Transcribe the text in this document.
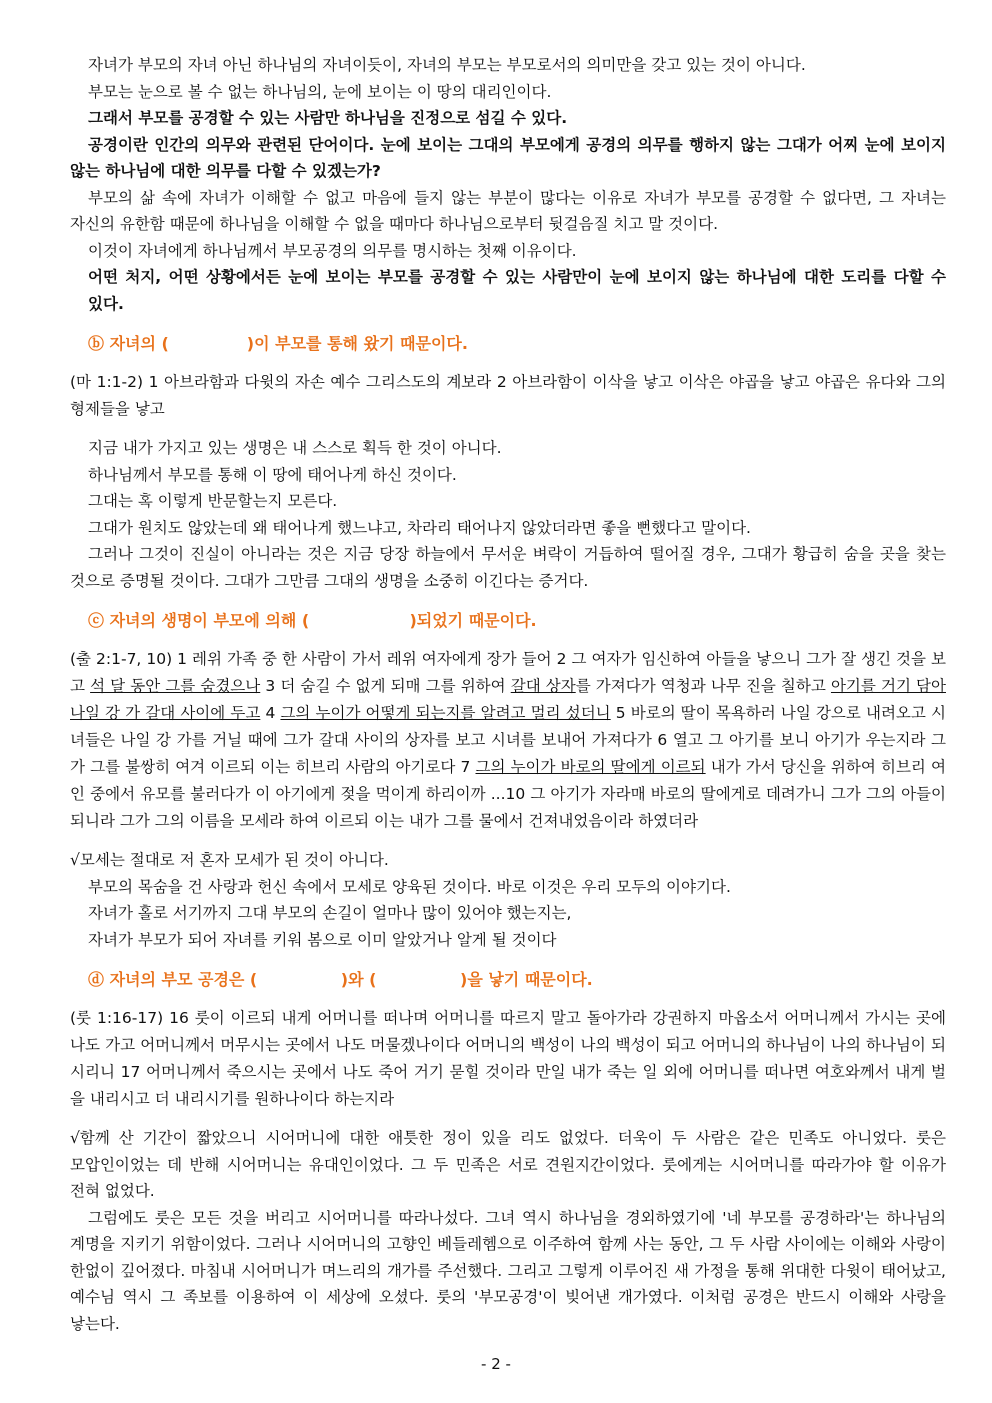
자녀가 부모의 자녀 아닌 하나님의 자녀이듯이, 자녀의 부모는 부모로서의 의미만을 갖고 있는 것이 아니다.

부모는 눈으로 볼 수 없는 하나님의, 눈에 보이는 이 땅의 대리인이다.

그래서 부모를 공경할 수 있는 사람만 하나님을 진정으로 섬길 수 있다.

공경이란 인간의 의무와 관련된 단어이다. 눈에 보이는 그대의 부모에게 공경의 의무를 행하지 않는 그대가 어찌 눈에 보이지 않는 하나님에 대한 의무를 다할 수 있겠는가?

부모의 삶 속에 자녀가 이해할 수 없고 마음에 들지 않는 부분이 많다는 이유로 자녀가 부모를 공경할 수 없다면, 그 자녀는 자신의 유한함 때문에 하나님을 이해할 수 없을 때마다 하나님으로부터 뒷걸음질 치고 말 것이다.

이것이 자녀에게 하나님께서 부모공경의 의무를 명시하는 첫째 이유이다.

어떤 처지, 어떤 상황에서든 눈에 보이는 부모를 공경할 수 있는 사람만이 눈에 보이지 않는 하나님에 대한 도리를 다할 수 있다.

ⓑ 자녀의 (              )이 부모를 통해 왔기 때문이다.

(마 1:1-2) 1 아브라함과 다윗의 자손 예수 그리스도의 계보라 2 아브라함이 이삭을 낳고 이삭은 야곱을 낳고 야곱은 유다와 그의 형제들을 낳고

지금 내가 가지고 있는 생명은 내 스스로 획득 한 것이 아니다.

하나님께서 부모를 통해 이 땅에 태어나게 하신 것이다.

그대는 혹 이렇게 반문할는지 모른다.

그대가 원치도 않았는데 왜 태어나게 했느냐고, 차라리 태어나지 않았더라면 좋을 뻔했다고 말이다.

그러나 그것이 진실이 아니라는 것은 지금 당장 하늘에서 무서운 벼락이 거듭하여 떨어질 경우, 그대가 황급히 숨을 곳을 찾는 것으로 증명될 것이다. 그대가 그만큼 그대의 생명을 소중히 이긴다는 증거다.

ⓒ 자녀의 생명이 부모에 의해 (                  )되었기 때문이다.

(출 2:1-7, 10) 1 레위 가족 중 한 사람이 가서 레위 여자에게 장가 들어 2 그 여자가 임신하여 아들을 낳으니 그가 잘 생긴 것을 보고 석 달 동안 그를 숨겼으나 3 더 숨길 수 없게 되매 그를 위하여 갈대 상자를 가져다가 역청과 나무 진을 칠하고 아기를 거기 담아 나일 강 가 갈대 사이에 두고 4 그의 누이가 어떻게 되는지를 알려고 멀리 섰더니 5 바로의 딸이 목욕하러 나일 강으로 내려오고 시녀들은 나일 강 가를 거닐 때에 그가 갈대 사이의 상자를 보고 시녀를 보내어 가져다가 6 열고 그 아기를 보니 아기가 우는지라 그가 그를 불쌍히 여겨 이르되 이는 히브리 사람의 아기로다 7 그의 누이가 바로의 딸에게 이르되 내가 가서 당신을 위하여 히브리 여인 중에서 유모를 불러다가 이 아기에게 젖을 먹이게 하리이까 ...10 그 아기가 자라매 바로의 딸에게로 데려가니 그가 그의 아들이 되니라 그가 그의 이름을 모세라 하여 이르되 이는 내가 그를 물에서 건져내었음이라 하였더라

√모세는 절대로 저 혼자 모세가 된 것이 아니다.

부모의 목숨을 건 사랑과 헌신 속에서 모세로 양육된 것이다. 바로 이것은 우리 모두의 이야기다.

자녀가 홀로 서기까지 그대 부모의 손길이 얼마나 많이 있어야 했는지는,

자녀가 부모가 되어 자녀를 키워 봄으로 이미 알았거나 알게 될 것이다

ⓓ 자녀의 부모 공경은 (               )와 (               )을 낳기 때문이다.

(룻 1:16-17) 16 룻이 이르되 내게 어머니를 떠나며 어머니를 따르지 말고 돌아가라 강권하지 마옵소서 어머니께서 가시는 곳에 나도 가고 어머니께서 머무시는 곳에서 나도 머물겠나이다 어머니의 백성이 나의 백성이 되고 어머니의 하나님이 나의 하나님이 되시리니 17 어머니께서 죽으시는 곳에서 나도 죽어 거기 묻힐 것이라 만일 내가 죽는 일 외에 어머니를 떠나면 여호와께서 내게 벌을 내리시고 더 내리시기를 원하나이다 하는지라

√함께 산 기간이 짧았으니 시어머니에 대한 애틋한 정이 있을 리도 없었다. 더욱이 두 사람은 같은 민족도 아니었다. 룻은 모압인이었는 데 반해 시어머니는 유대인이었다. 그 두 민족은 서로 견원지간이었다. 룻에게는 시어머니를 따라가야 할 이유가 전혀 없었다.

그럼에도 룻은 모든 것을 버리고 시어머니를 따라나섰다. 그녀 역시 하나님을 경외하였기에 '네 부모를 공경하라'는 하나님의 계명을 지키기 위함이었다. 그러나 시어머니의 고향인 베들레헴으로 이주하여 함께 사는 동안, 그 두 사람 사이에는 이해와 사랑이 한없이 깊어졌다. 마침내 시어머니가 며느리의 개가를 주선했다. 그리고 그렇게 이루어진 새 가정을 통해 위대한 다윗이 태어났고, 예수님 역시 그 족보를 이용하여 이 세상에 오셨다. 룻의 '부모공경'이 빚어낸 개가였다. 이처럼 공경은 반드시 이해와 사랑을 낳는다.

- 2 -
